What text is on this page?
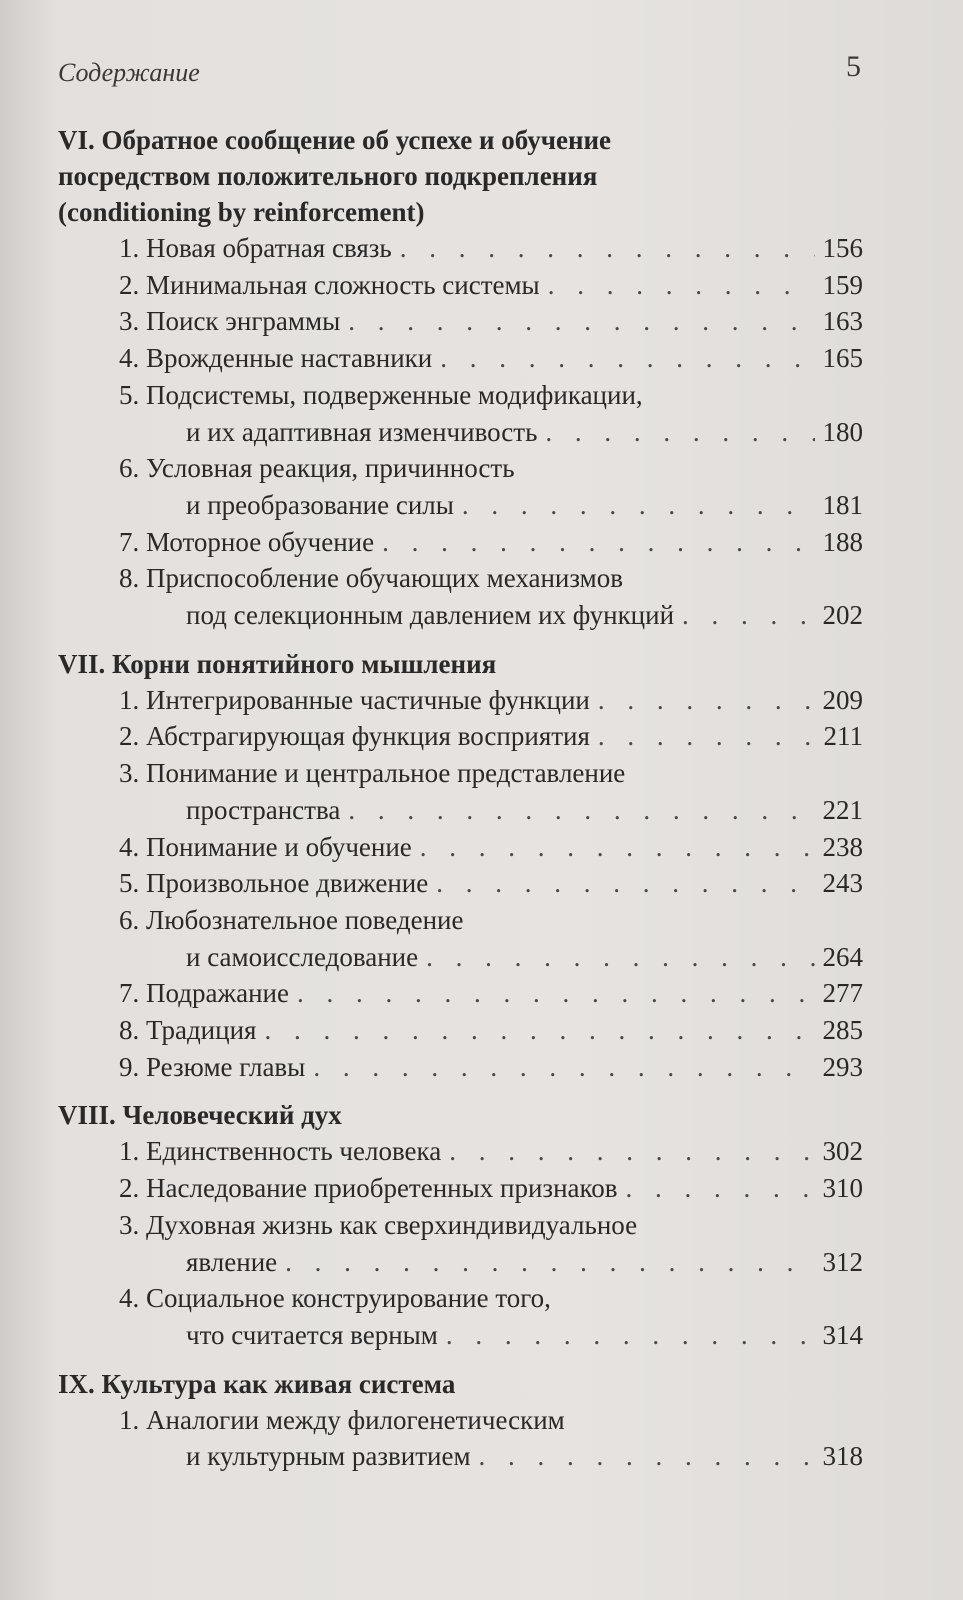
Содержание	5
VI. Обратное сообщение об успехе и обучение
посредством положительного подкрепления
(conditioning by reinforcement)
1. Новая обратная связь . . .	156
2. Минимальная сложность системы . . .	159
3. Поиск энграммы . . .	163
4. Врожденные наставники . . .	165
5. Подсистемы, подверженные модификации,
и их адаптивная изменчивость . . .	180
6. Условная реакция, причинность
и преобразование силы . . .	181
7. Моторное обучение . . .	188
8. Приспособление обучающих механизмов
под селекционным давлением их функций . . .	202
VII. Корни понятийного мышления
1. Интегрированные частичные функции . . .	209
2. Абстрагирующая функция восприятия . . .	211
3. Понимание и центральное представление
пространства . . .	221
4. Понимание и обучение . . .	238
5. Произвольное движение . . .	243
6. Любознательное поведение
и самоисследование . . .	264
7. Подражание . . .	277
8. Традиция . . .	285
9. Резюме главы . . .	293
VIII. Человеческий дух
1. Единственность человека . . .	302
2. Наследование приобретенных признаков . . .	310
3. Духовная жизнь как сверхиндивидуальное
явление . . .	312
4. Социальное конструирование того,
что считается верным . . .	314
IX. Культура как живая система
1. Аналогии между филогенетическим
и культурным развитием . . .	318
